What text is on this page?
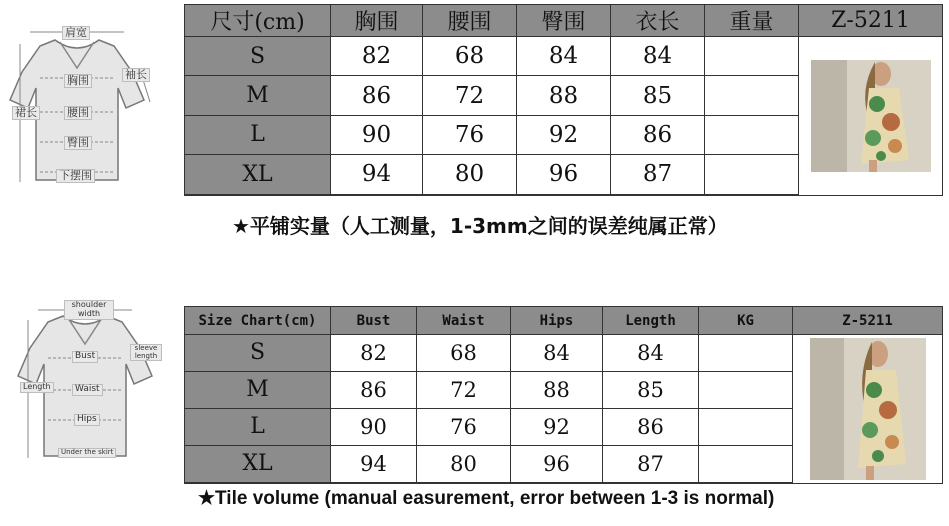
肩宽
袖长
胸围
裙长	腰围
臀围
下摆围
尺寸(cm)	胸围	腰围	臀围	衣长	重量	Z-5211
S	82	68	84	84		

M	86	72	88	85		
L	90	76	92	86		
XL	94	80	96	87		

★平铺实量（人工测量，1-3mm之间的误差纯属正常）
shoulder width
sleeve length
Bust
Length	Waist
Hips
Under the skirt
Size Chart(cm)	Bust	Waist	Hips	Length	KG	Z-5211
S	82	68	84	84		

M	86	72	88	85		
L	90	76	92	86		
XL	94	80	96	87		

★Tile volume (manual easurement, error between 1-3 is normal)
